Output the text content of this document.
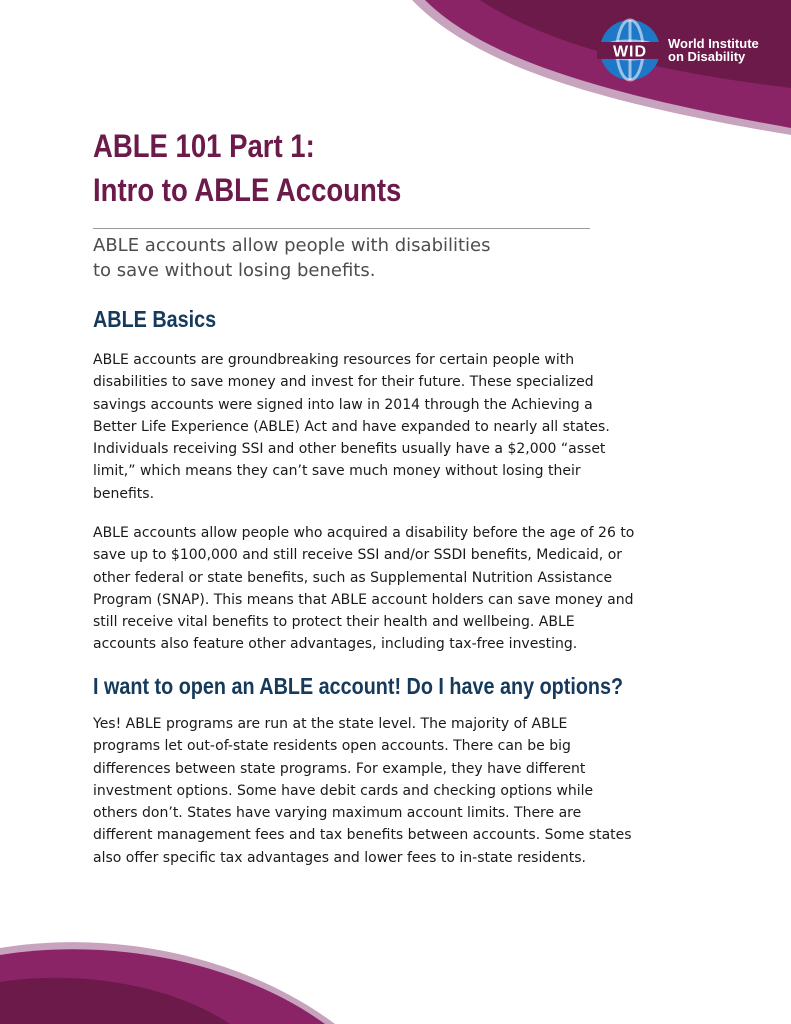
WID World Institute
on Disability
ABLE 101 Part 1:
Intro to ABLE Accounts

ABLE accounts allow people with disabilities
to save without losing benefits.

ABLE Basics

ABLE accounts are groundbreaking resources for certain people with
disabilities to save money and invest for their future. These specialized
savings accounts were signed into law in 2014 through the Achieving a
Better Life Experience (ABLE) Act and have expanded to nearly all states.
Individuals receiving SSI and other benefits usually have a $2,000 “asset
limit,” which means they can’t save much money without losing their
benefits.

ABLE accounts allow people who acquired a disability before the age of 26 to
save up to $100,000 and still receive SSI and/or SSDI benefits, Medicaid, or
other federal or state benefits, such as Supplemental Nutrition Assistance
Program (SNAP). This means that ABLE account holders can save money and
still receive vital benefits to protect their health and wellbeing. ABLE
accounts also feature other advantages, including tax-free investing.

I want to open an ABLE account! Do I have any options?

Yes! ABLE programs are run at the state level. The majority of ABLE
programs let out-of-state residents open accounts. There can be big
differences between state programs. For example, they have different
investment options. Some have debit cards and checking options while
others don’t. States have varying maximum account limits. There are
different management fees and tax benefits between accounts. Some states
also offer specific tax advantages and lower fees to in-state residents.
